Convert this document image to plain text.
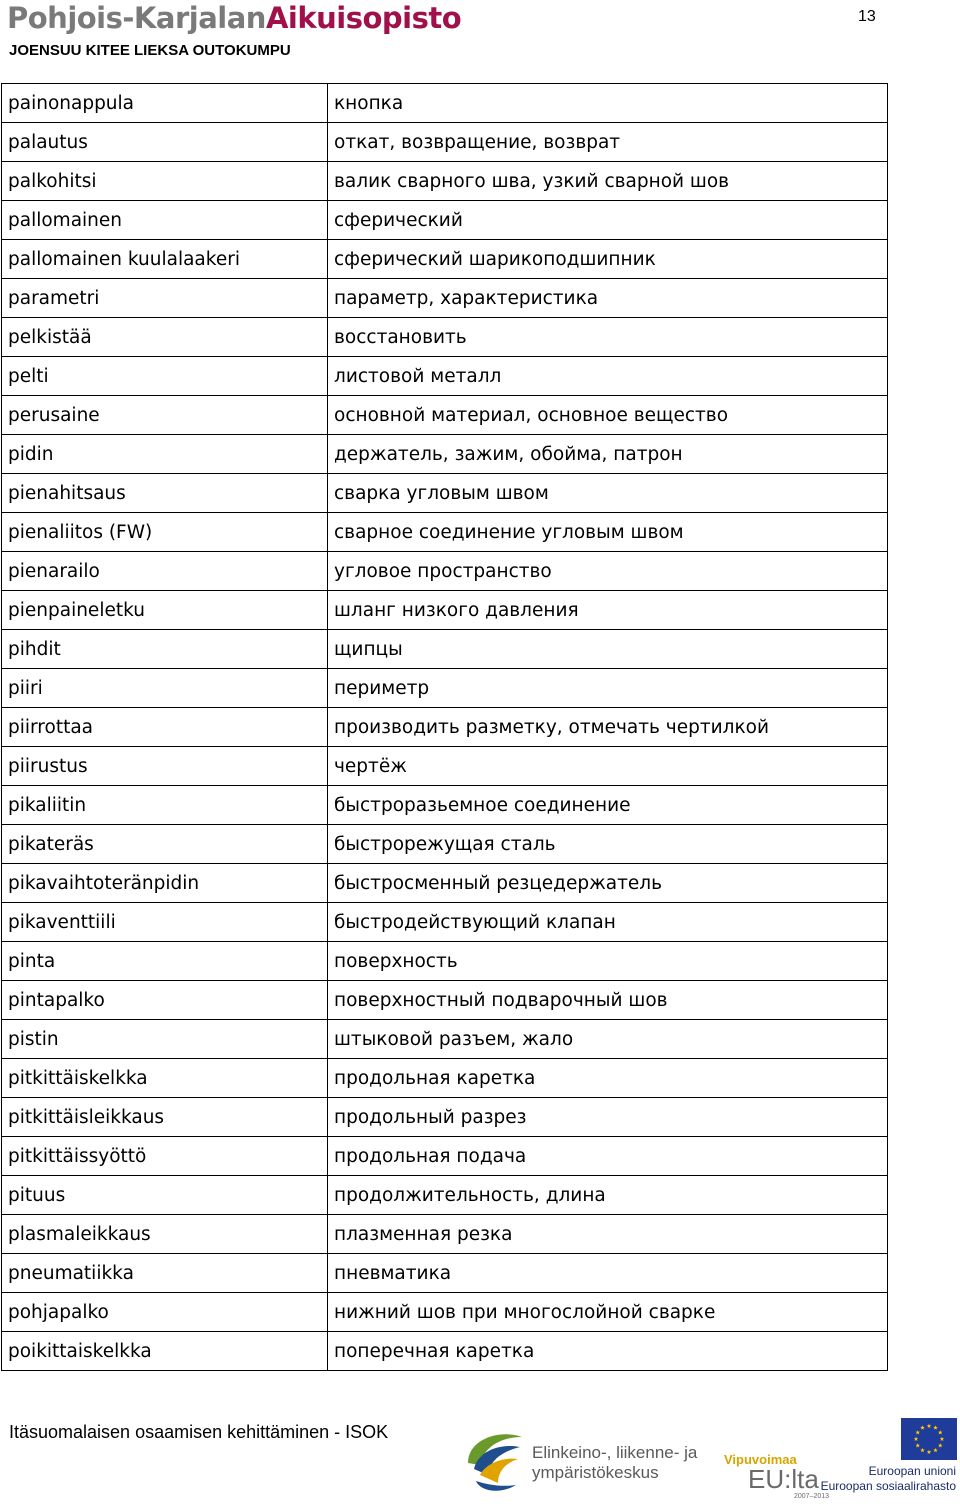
Pohjois-KarjalanAikuisopisto
JOENSUU KITEE LIEKSA OUTOKUMPU
13
painonappula	кнопка
palautus	откат, возвращение, возврат
palkohitsi	валик сварного шва, узкий сварной шов
pallomainen	сферический
pallomainen kuulalaakeri	сферический шарикоподшипник
parametri	параметр, характеристика
pelkistää	восстановить
pelti	листовой металл
perusaine	основной материал, основное вещество
pidin	держатель, зажим, обойма, патрон
pienahitsaus	сварка угловым швом
pienaliitos (FW)	сварное соединение угловым швом
pienarailo	угловое пространство
pienpaineletku	шланг низкого давления
pihdit	щипцы
piiri	периметр
piirrottaa	производить разметку, отмечать чертилкой
piirustus	чертёж
pikaliitin	быстроразьемное соединение
pikateräs	быстрорежущая сталь
pikavaihtoteränpidin	быстросменный резцедержатель
pikaventtiili	быстродействующий клапан
pinta	поверхность
pintapalko	поверхностный подварочный шов
pistin	штыковой разъем, жало
pitkittäiskelkka	продольная каретка
pitkittäisleikkaus	продольный разрез
pitkittäissyöttö	продольная подача
pituus	продолжительность, длина
plasmaleikkaus	плазменная резка
pneumatiikka	пневматика
pohjapalko	нижний шов при многослойной сварке
poikittaiskelkka	поперечная каретка
Itäsuomalaisen osaamisen kehittäminen - ISOK
Elinkeino-, liikenne- ja
ympäristökeskus
Vipuvoimaa
EU:lta
2007–2013
Euroopan unioni
Euroopan sosiaalirahasto
